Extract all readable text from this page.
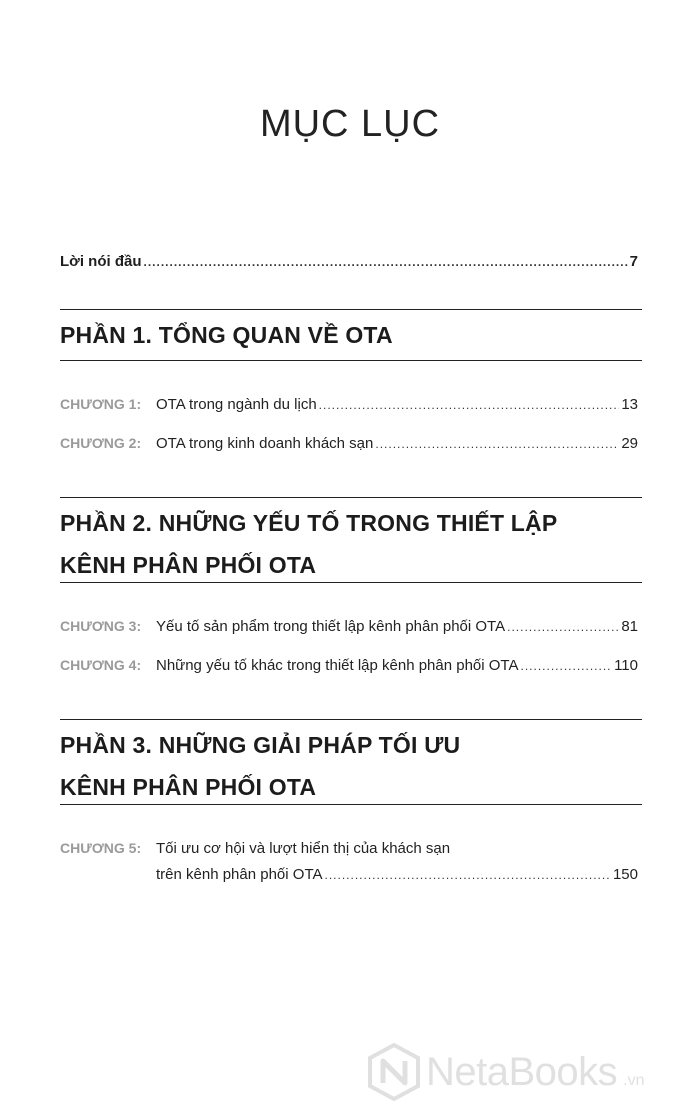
MỤC LỤC
Lời nói đầu .....	7
PHẦN 1. TỔNG QUAN VỀ OTA
CHƯƠNG 1: OTA trong ngành du lịch .....	13
CHƯƠNG 2: OTA trong kinh doanh khách sạn .....	29
PHẦN 2. NHỮNG YẾU TỐ TRONG THIẾT LẬP
KÊNH PHÂN PHỐI OTA
CHƯƠNG 3: Yếu tố sản phẩm trong thiết lập kênh phân phối OTA .....	81
CHƯƠNG 4: Những yếu tố khác trong thiết lập kênh phân phối OTA .....	110
PHẦN 3. NHỮNG GIẢI PHÁP TỐI ƯU
KÊNH PHÂN PHỐI OTA
CHƯƠNG 5: Tối ưu cơ hội và lượt hiển thị của khách sạn
trên kênh phân phối OTA .....	150
NetaBooks .vn
